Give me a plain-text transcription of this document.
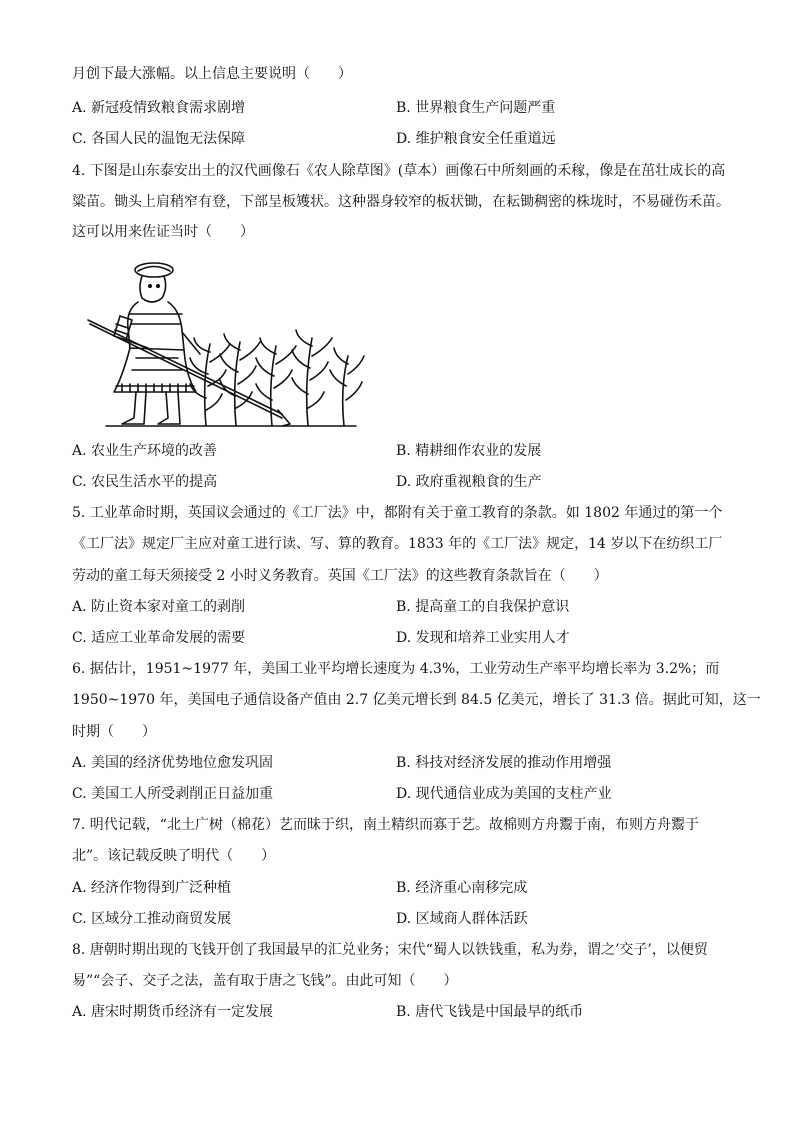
月创下最大涨幅。以上信息主要说明（　　）
A. 新冠疫情致粮食需求剧增	B. 世界粮食生产问题严重
C. 各国人民的温饱无法保障	D. 维护粮食安全任重道远
4. 下图是山东泰安出土的汉代画像石《农人除草图》(草本）画像石中所刻画的禾稼，像是在茁壮成长的高
粱苗。锄头上肩稍窄有登，下部呈板矱状。这种器身较窄的板状锄，在耘锄稠密的株垅时，不易碰伤禾苗。
这可以用来佐证当时（　　）
A. 农业生产环境的改善	B. 精耕细作农业的发展
C. 农民生活水平的提高	D. 政府重视粮食的生产
5. 工业革命时期，英国议会通过的《工厂法》中，都附有关于童工教育的条款。如 1802 年通过的第一个
《工厂法》规定厂主应对童工进行读、写、算的教育。1833 年的《工厂法》规定，14 岁以下在纺织工厂
劳动的童工每天须接受 2 小时义务教育。英国《工厂法》的这些教育条款旨在（　　）
A. 防止资本家对童工的剥削	B. 提高童工的自我保护意识
C. 适应工业革命发展的需要	D. 发现和培养工业实用人才
6. 据估计，1951~1977 年，美国工业平均增长速度为 4.3%，工业劳动生产率平均增长率为 3.2%；而
1950~1970 年，美国电子通信设备产值由 2.7 亿美元增长到 84.5 亿美元，增长了 31.3 倍。据此可知，这一
时期（　　）
A. 美国的经济优势地位愈发巩固	B. 科技对经济发展的推动作用增强
C. 美国工人所受剥削正日益加重	D. 现代通信业成为美国的支柱产业
7. 明代记载，“北土广树（棉花）艺而昧于织，南土精织而寡于艺。故棉则方舟鬻于南，布则方舟鬻于
北”。该记载反映了明代（　　）
A. 经济作物得到广泛种植	B. 经济重心南移完成
C. 区域分工推动商贸发展	D. 区域商人群体活跃
8. 唐朝时期出现的飞钱开创了我国最早的汇兑业务；宋代“蜀人以铁钱重，私为券，谓之’交子’，以便贸
易”“会子、交子之法，盖有取于唐之飞钱”。由此可知（　　）
A. 唐宋时期货币经济有一定发展	B. 唐代飞钱是中国最早的纸币
